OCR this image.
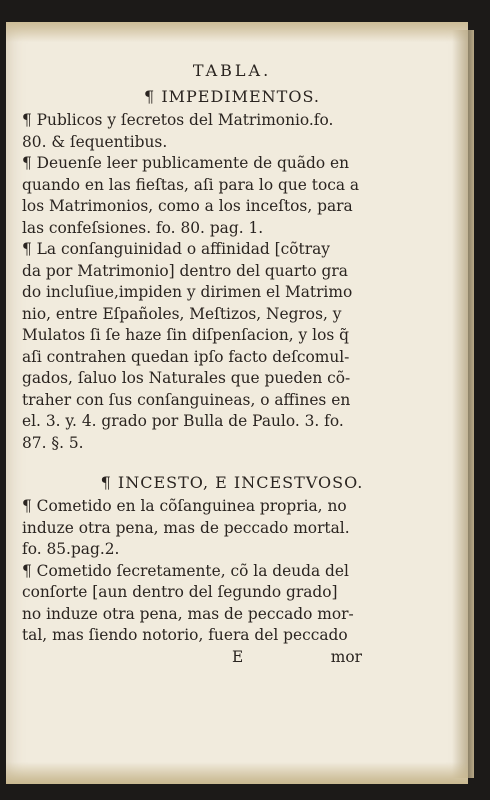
TABLA.
¶ IMPEDIMENTOS.
¶ Publicos y ſecretos del Matrimonio.fo.
80. & ſequentibus.
¶ Deuenſe leer publicamente de quãdo en
quando en las fieſtas, aſi para lo que toca a
los Matrimonios, como a los inceſtos, para
las confeſsiones. fo. 80. pag. 1.
¶ La conſanguinidad o affinidad [cõtray
da por Matrimonio] dentro del quarto gra
do incluſiue,impiden y dirimen el Matrimo
nio, entre Eſpañoles, Meſtizos, Negros, y
Mulatos ſi ſe haze ſin diſpenſacion, y los q̃
aſi contrahen quedan ipſo facto deſcomul-
gados, ſaluo los Naturales que pueden cõ-
traher con ſus conſanguineas, o affines en
el. 3. y. 4. grado por Bulla de Paulo. 3. fo.
87. §. 5.
¶ INCESTO, E INCESTVOSO.
¶ Cometido en la cõſanguinea propria, no
induze otra pena, mas de peccado mortal.
fo. 85.pag.2.
¶ Cometido ſecretamente, cõ la deuda del
conſorte [aun dentro del ſegundo grado]
no induze otra pena, mas de peccado mor-
tal, mas ſiendo notorio, fuera del peccado
E	mor
